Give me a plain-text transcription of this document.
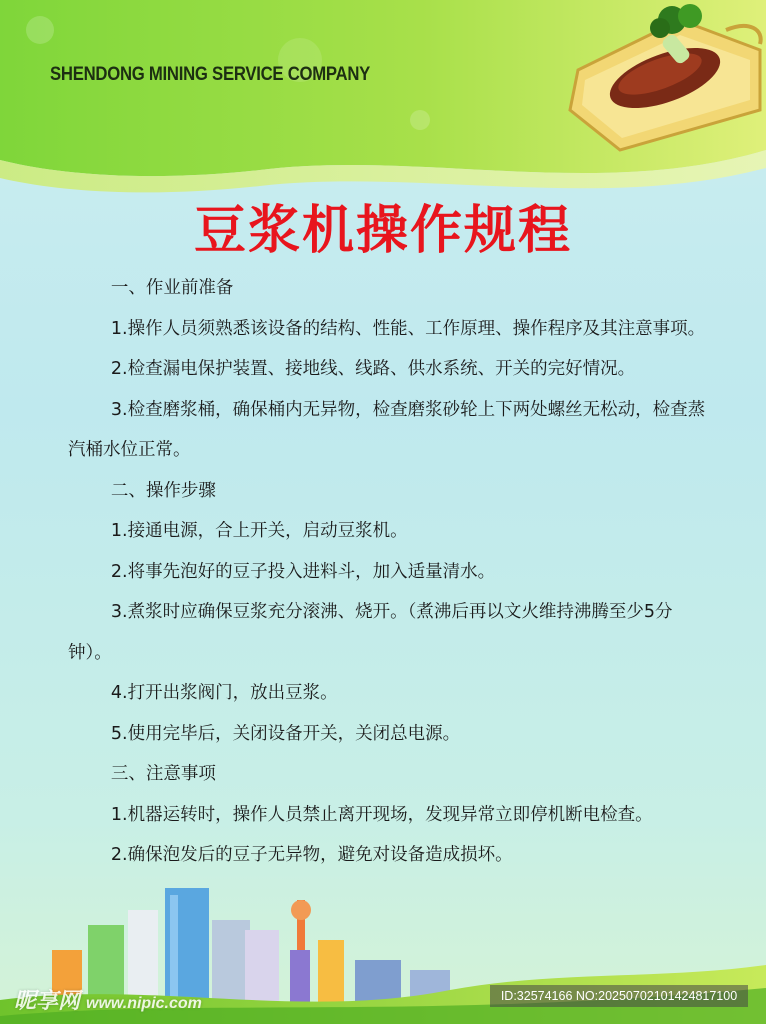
SHENDONG MINING SERVICE COMPANY
豆浆机操作规程

一、作业前准备

1.操作人员须熟悉该设备的结构、性能、工作原理、操作程序及其注意事项。

2.检查漏电保护装置、接地线、线路、供水系统、开关的完好情况。

3.检查磨浆桶，确保桶内无异物，检查磨浆砂轮上下两处螺丝无松动，检查蒸汽桶水位正常。

二、操作步骤

1.接通电源，合上开关，启动豆浆机。

2.将事先泡好的豆子投入进料斗，加入适量清水。

3.煮浆时应确保豆浆充分滚沸、烧开。（煮沸后再以文火维持沸腾至少5分钟）。

4.打开出浆阀门，放出豆浆。

5.使用完毕后，关闭设备开关，关闭总电源。

三、注意事项

1.机器运转时，操作人员禁止离开现场，发现异常立即停机断电检查。

2.确保泡发后的豆子无异物，避免对设备造成损坏。

昵享网 www.nipic.com	ID:32574166 NO:20250702101424817100
